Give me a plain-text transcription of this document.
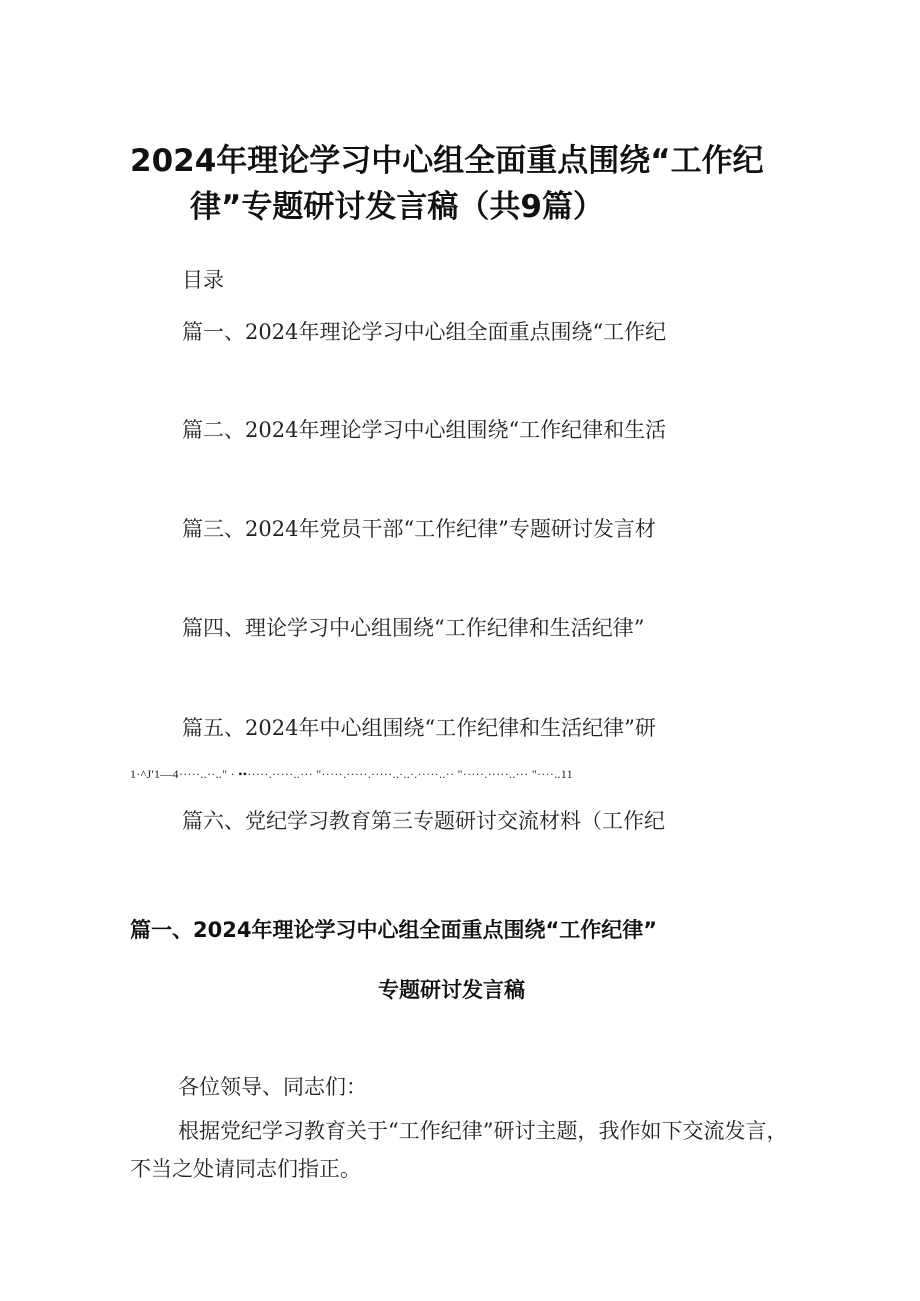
2024年理论学习中心组全面重点围绕“工作纪
律”专题研讨发言稿（共9篇）
目录
篇一、2024年理论学习中心组全面重点围绕“工作纪
篇二、2024年理论学习中心组围绕“工作纪律和生活
篇三、2024年党员干部“工作纪律”专题研讨发言材
篇四、理论学习中心组围绕“工作纪律和生活纪律”
篇五、2024年中心组围绕“工作纪律和生活纪律”研
1·^J'1—4·····..··.." · ••·····.·····..··· "·····.·····.·····..·..·.·····..·· "·····.·····..··· "····..11
篇六、党纪学习教育第三专题研讨交流材料（工作纪
篇一、2024年理论学习中心组全面重点围绕“工作纪律”
专题研讨发言稿
各位领导、同志们：
根据党纪学习教育关于“工作纪律”研讨主题，我作如下交流发言，不当之处请同志们指正。
